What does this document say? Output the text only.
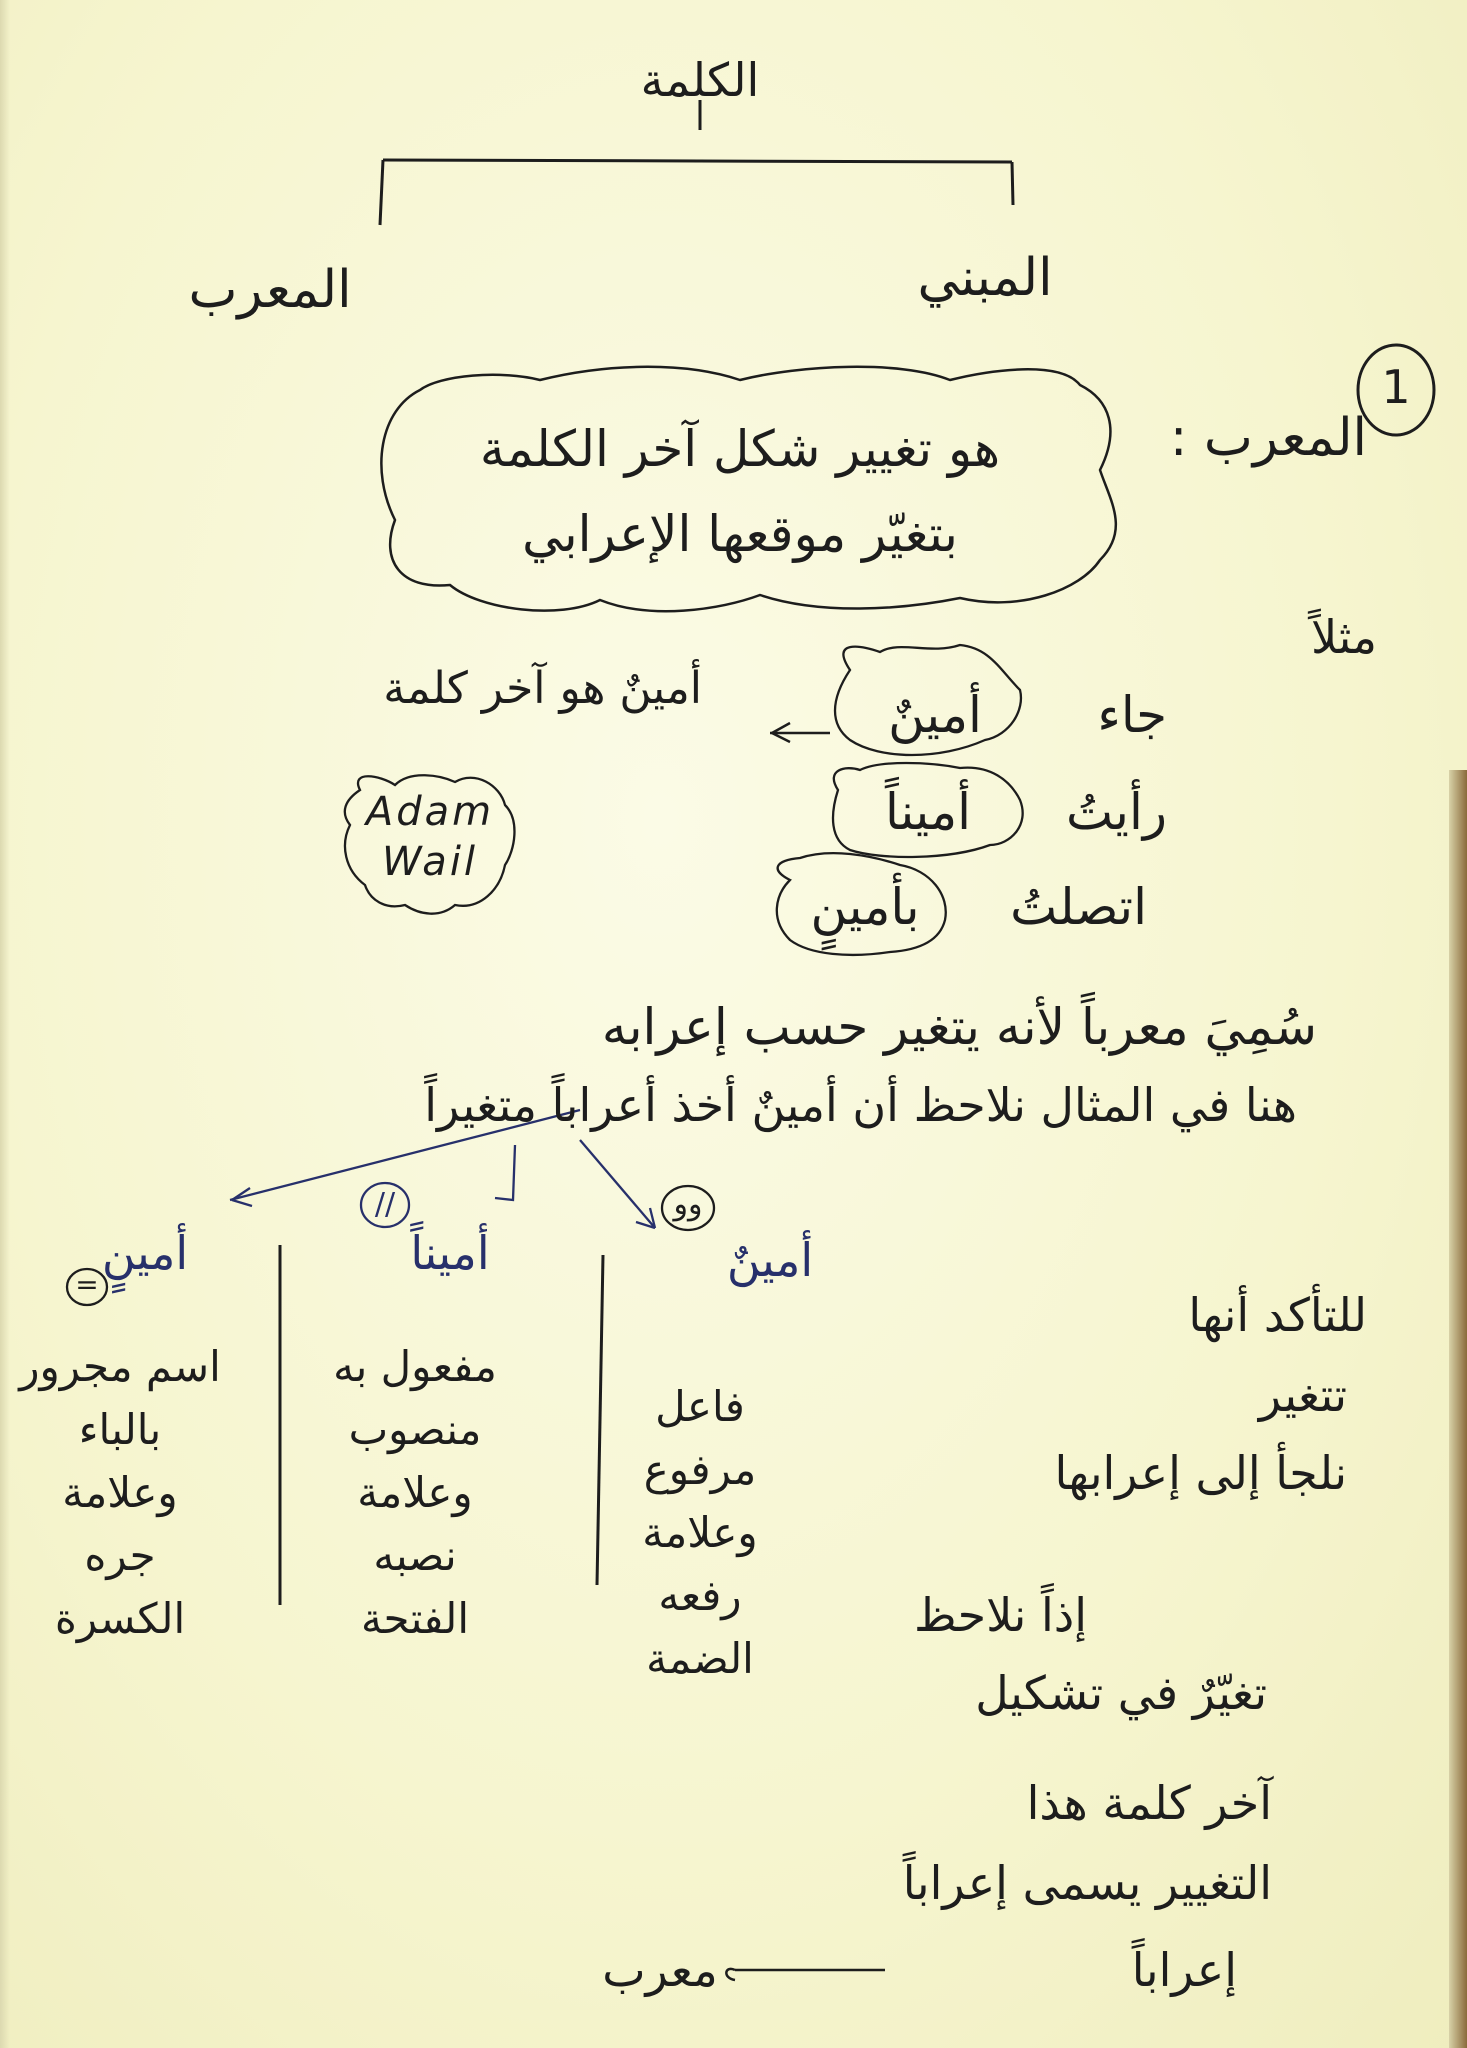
الكلمة
المبني
المعرب
1
المعرب :
هو تغيير شكل آخر الكلمة
بتغيّر موقعها الإعرابي
مثلاً
جاء
أمينٌ
رأيتُ
أميناً
اتصلتُ
بأمينٍ
أمينٌ هو آخر كلمة
Adam
Wail
سُمِيَ معرباً لأنه يتغير حسب إعرابه
هنا في المثال نلاحظ أن أمينٌ أخذ أعراباً متغيراً
وو
أمينٌ
فاعل
مرفوع
وعلامة
رفعه
الضمة
//
أميناً
مفعول به
منصوب
وعلامة
نصبه
الفتحة
=
أمينٍ
اسم مجرور
بالباء
وعلامة
جره
الكسرة
للتأكد أنها
تتغير
نلجأ إلى إعرابها
إذاً نلاحظ
تغيّرٌ في تشكيل
آخر كلمة هذا
التغيير يسمى إعراباً
إعراباً
معرب
